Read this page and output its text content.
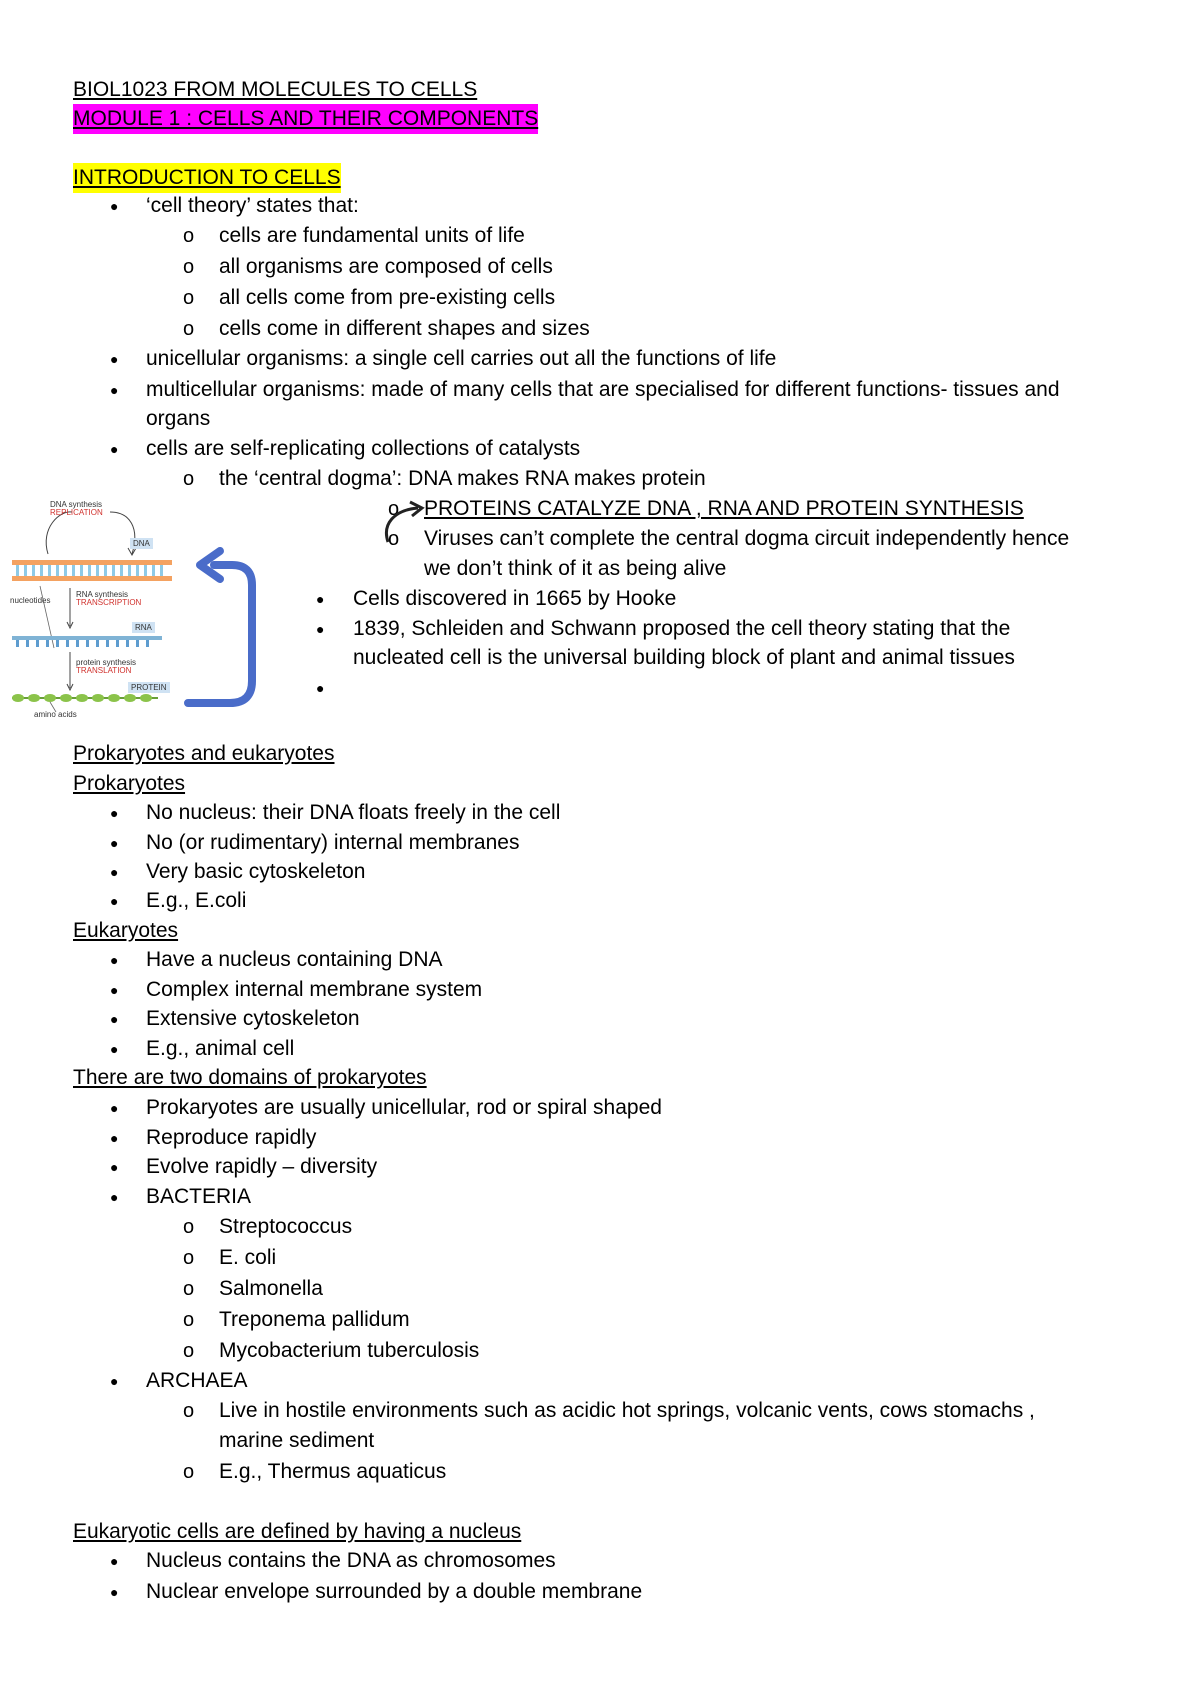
BIOL1023 FROM MOLECULES TO CELLS
MODULE 1 : CELLS AND THEIR COMPONENTS
INTRODUCTION TO CELLS
● ‘cell theory’ states that:
o cells are fundamental units of life
o all organisms are composed of cells
o all cells come from pre-existing cells
o cells come in different shapes and sizes
● unicellular organisms: a single cell carries out all the functions of life
● multicellular organisms: made of many cells that are specialised for different functions- tissues and
organs
● cells are self-replicating collections of catalysts
o the ‘central dogma’: DNA makes RNA makes protein
o PROTEINS CATALYZE DNA , RNA AND PROTEIN SYNTHESIS
o Viruses can’t complete the central dogma circuit independently hence
we don’t think of it as being alive
● Cells discovered in 1665 by Hooke
● 1839, Schleiden and Schwann proposed the cell theory stating that the
nucleated cell is the universal building block of plant and animal tissues
●
DNA synthesis
REPLICATION
DNA
nucleotides
RNA synthesis
TRANSCRIPTION
RNA
protein synthesis
TRANSLATION
PROTEIN
amino acids
Prokaryotes and eukaryotes
Prokaryotes
● No nucleus: their DNA floats freely in the cell
● No (or rudimentary) internal membranes
● Very basic cytoskeleton
● E.g., E.coli
Eukaryotes
● Have a nucleus containing DNA
● Complex internal membrane system
● Extensive cytoskeleton
● E.g., animal cell
There are two domains of prokaryotes
● Prokaryotes are usually unicellular, rod or spiral shaped
● Reproduce rapidly
● Evolve rapidly – diversity
● BACTERIA
o Streptococcus
o E. coli
o Salmonella
o Treponema pallidum
o Mycobacterium tuberculosis
● ARCHAEA
o Live in hostile environments such as acidic hot springs, volcanic vents, cows stomachs ,
marine sediment
o E.g., Thermus aquaticus
Eukaryotic cells are defined by having a nucleus
● Nucleus contains the DNA as chromosomes
● Nuclear envelope surrounded by a double membrane
